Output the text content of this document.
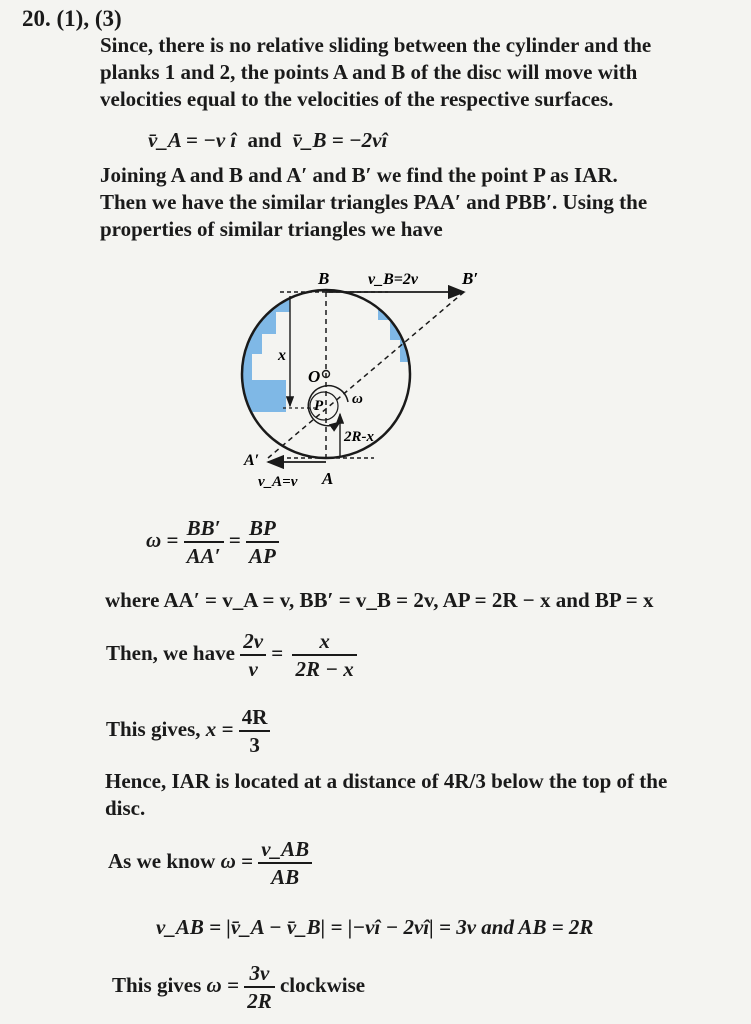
20. (1), (3)
Since, there is no relative sliding between the cylinder and the
planks 1 and 2, the points A and B of the disc will move with
velocities equal to the velocities of the respective surfaces.
v̄_A = −v î and v̄_B = −2vî
Joining A and B and A′ and B′ we find the point P as IAR.
Then we have the similar triangles PAA′ and PBB′. Using the
properties of similar triangles we have
B v_B=2v	B′
x
O
P ω
2R-x
A′
v_A=v A
$\omega = \frac{BB'}{AA'} = \frac{BP}{AP}$
where AA′ = v_A = v, BB′ = v_B = 2v, AP = 2R − x and BP = x
Then, we have $\frac{2v}{v} = \frac{x}{2R - x}$
This gives, $x = \frac{4R}{3}$
Hence, IAR is located at a distance of 4R/3 below the top of the
disc.
As we know $\omega = \frac{v\_AB}{AB}$
v_AB = |v̄_A − v̄_B| = |−vî − 2vî| = 3v and AB = 2R
This gives $\omega = \frac{3v}{2R}$ clockwise
